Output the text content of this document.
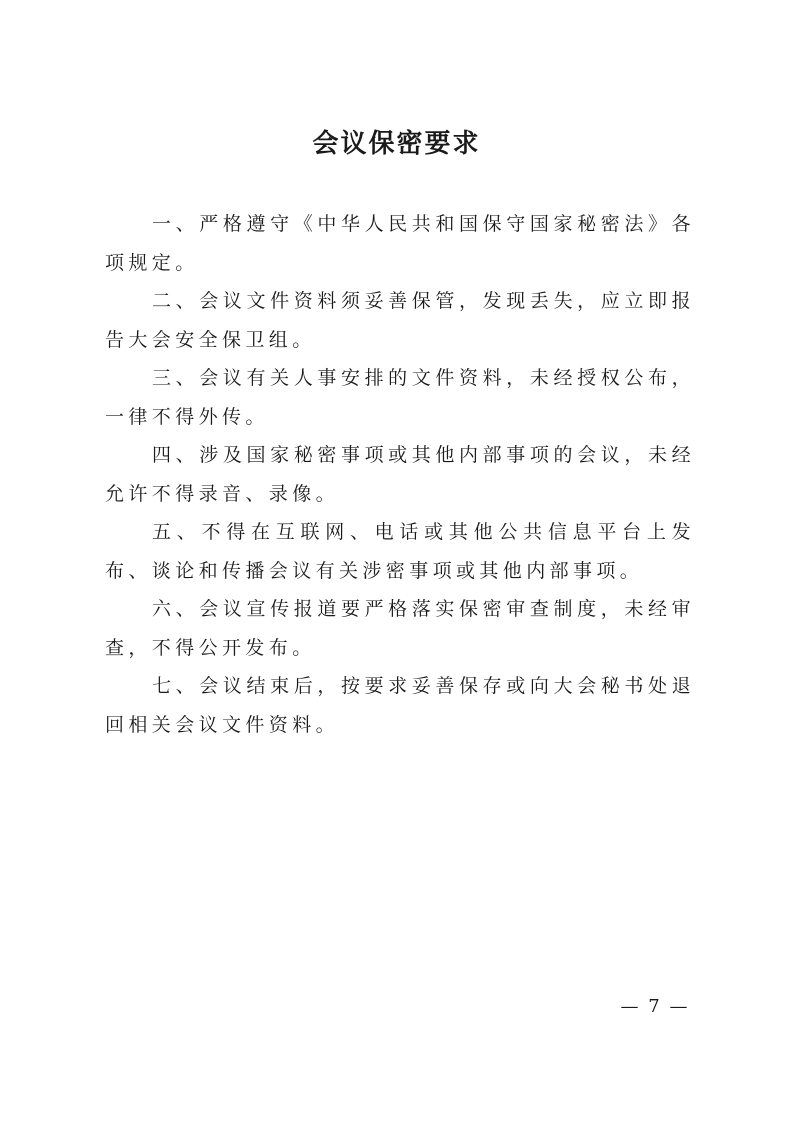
会议保密要求

一、严格遵守《中华人民共和国保守国家秘密法》各项规定。

二、会议文件资料须妥善保管，发现丢失，应立即报告大会安全保卫组。

三、会议有关人事安排的文件资料，未经授权公布，一律不得外传。

四、涉及国家秘密事项或其他内部事项的会议，未经允许不得录音、录像。

五、不得在互联网、电话或其他公共信息平台上发布、谈论和传播会议有关涉密事项或其他内部事项。

六、会议宣传报道要严格落实保密审查制度，未经审查，不得公开发布。

七、会议结束后，按要求妥善保存或向大会秘书处退回相关会议文件资料。

— 7 —
